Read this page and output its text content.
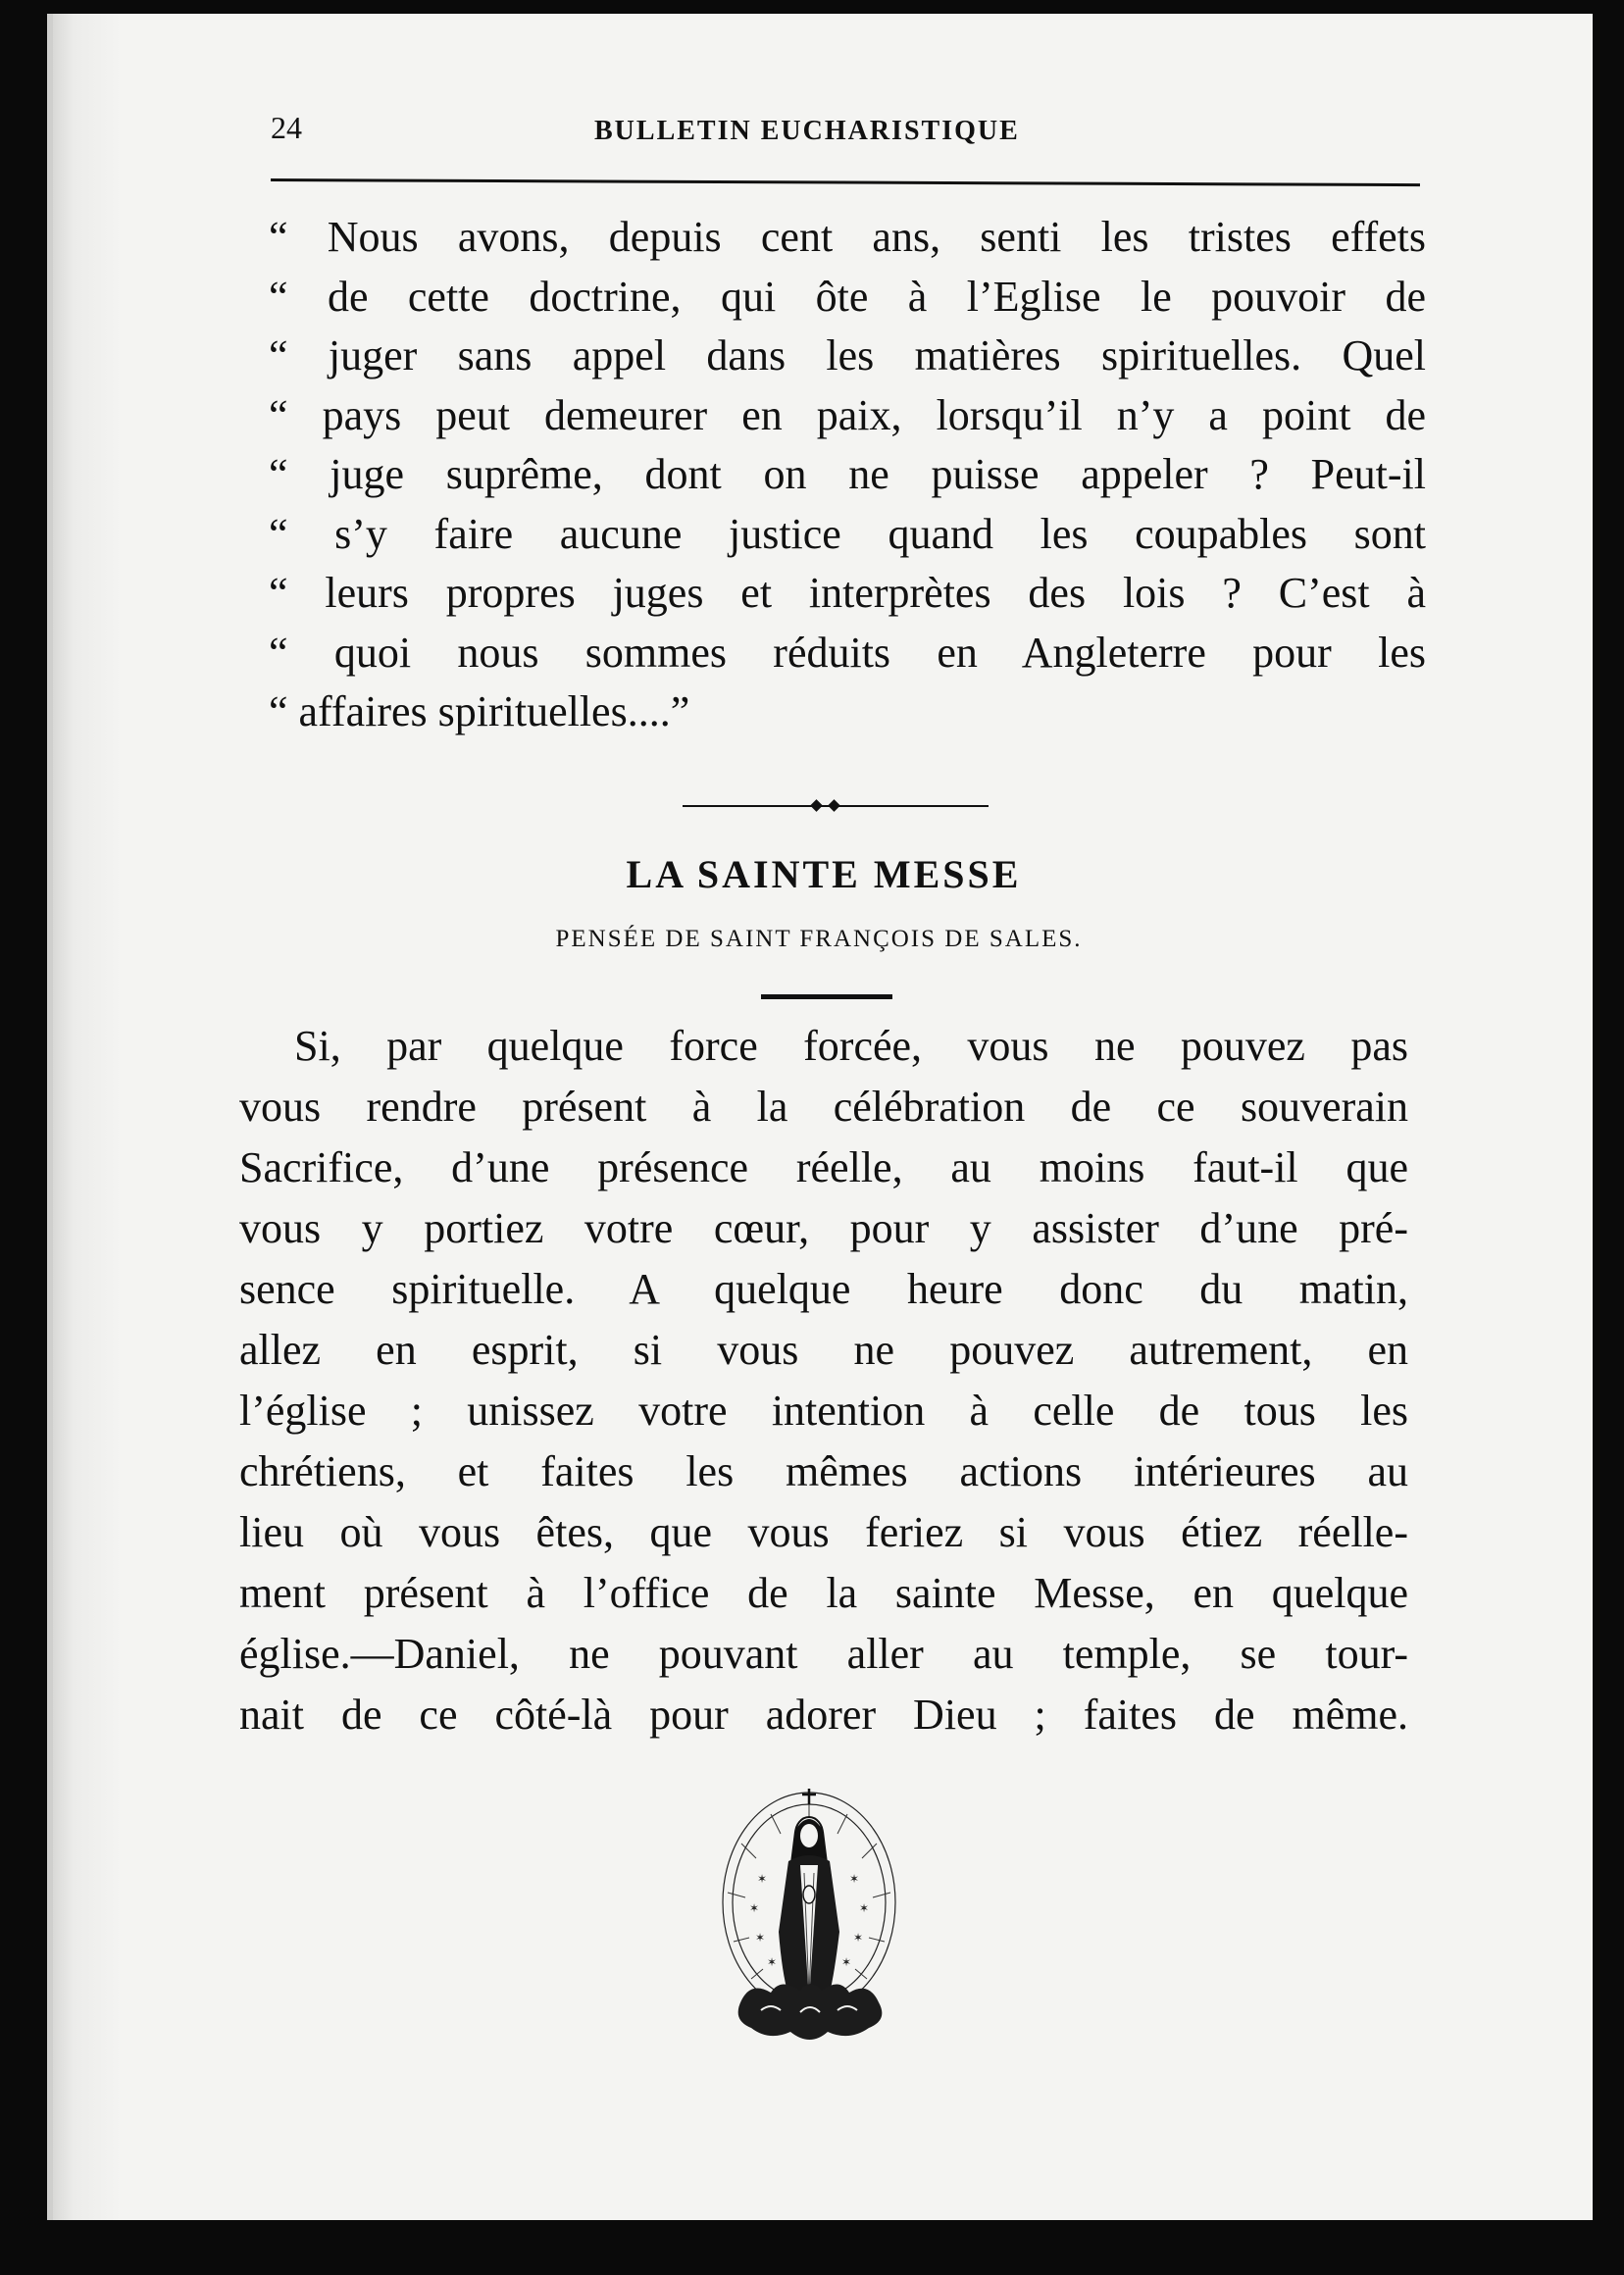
24	BULLETIN EUCHARISTIQUE
“ Nous avons, depuis cent ans, senti les tristes effets
“ de cette doctrine, qui ôte à l’Eglise le pouvoir de
“ juger sans appel dans les matières spirituelles. Quel
“ pays peut demeurer en paix, lorsqu’il n’y a point de
“ juge suprême, dont on ne puisse appeler ? Peut-il
“ s’y faire aucune justice quand les coupables sont
“ leurs propres juges et interprètes des lois ? C’est à
“ quoi nous sommes réduits en Angleterre pour les
“ affaires spirituelles....”
LA SAINTE MESSE
PENSÉE DE SAINT FRANÇOIS DE SALES.
Si, par quelque force forcée, vous ne pouvez pas
vous rendre présent à la célébration de ce souverain
Sacrifice, d’une présence réelle, au moins faut-il que
vous y portiez votre cœur, pour y assister d’une pré-
sence spirituelle. A quelque heure donc du matin,
allez en esprit, si vous ne pouvez autrement, en
l’église ; unissez votre intention à celle de tous les
chrétiens, et faites les mêmes actions intérieures au
lieu où vous êtes, que vous feriez si vous étiez réelle-
ment présent à l’office de la sainte Messe, en quelque
église.—Daniel, ne pouvant aller au temple, se tour-
nait de ce côté-là pour adorer Dieu ; faites de même.
✶	✶
✶	✶
✶	✶
✶	✶
